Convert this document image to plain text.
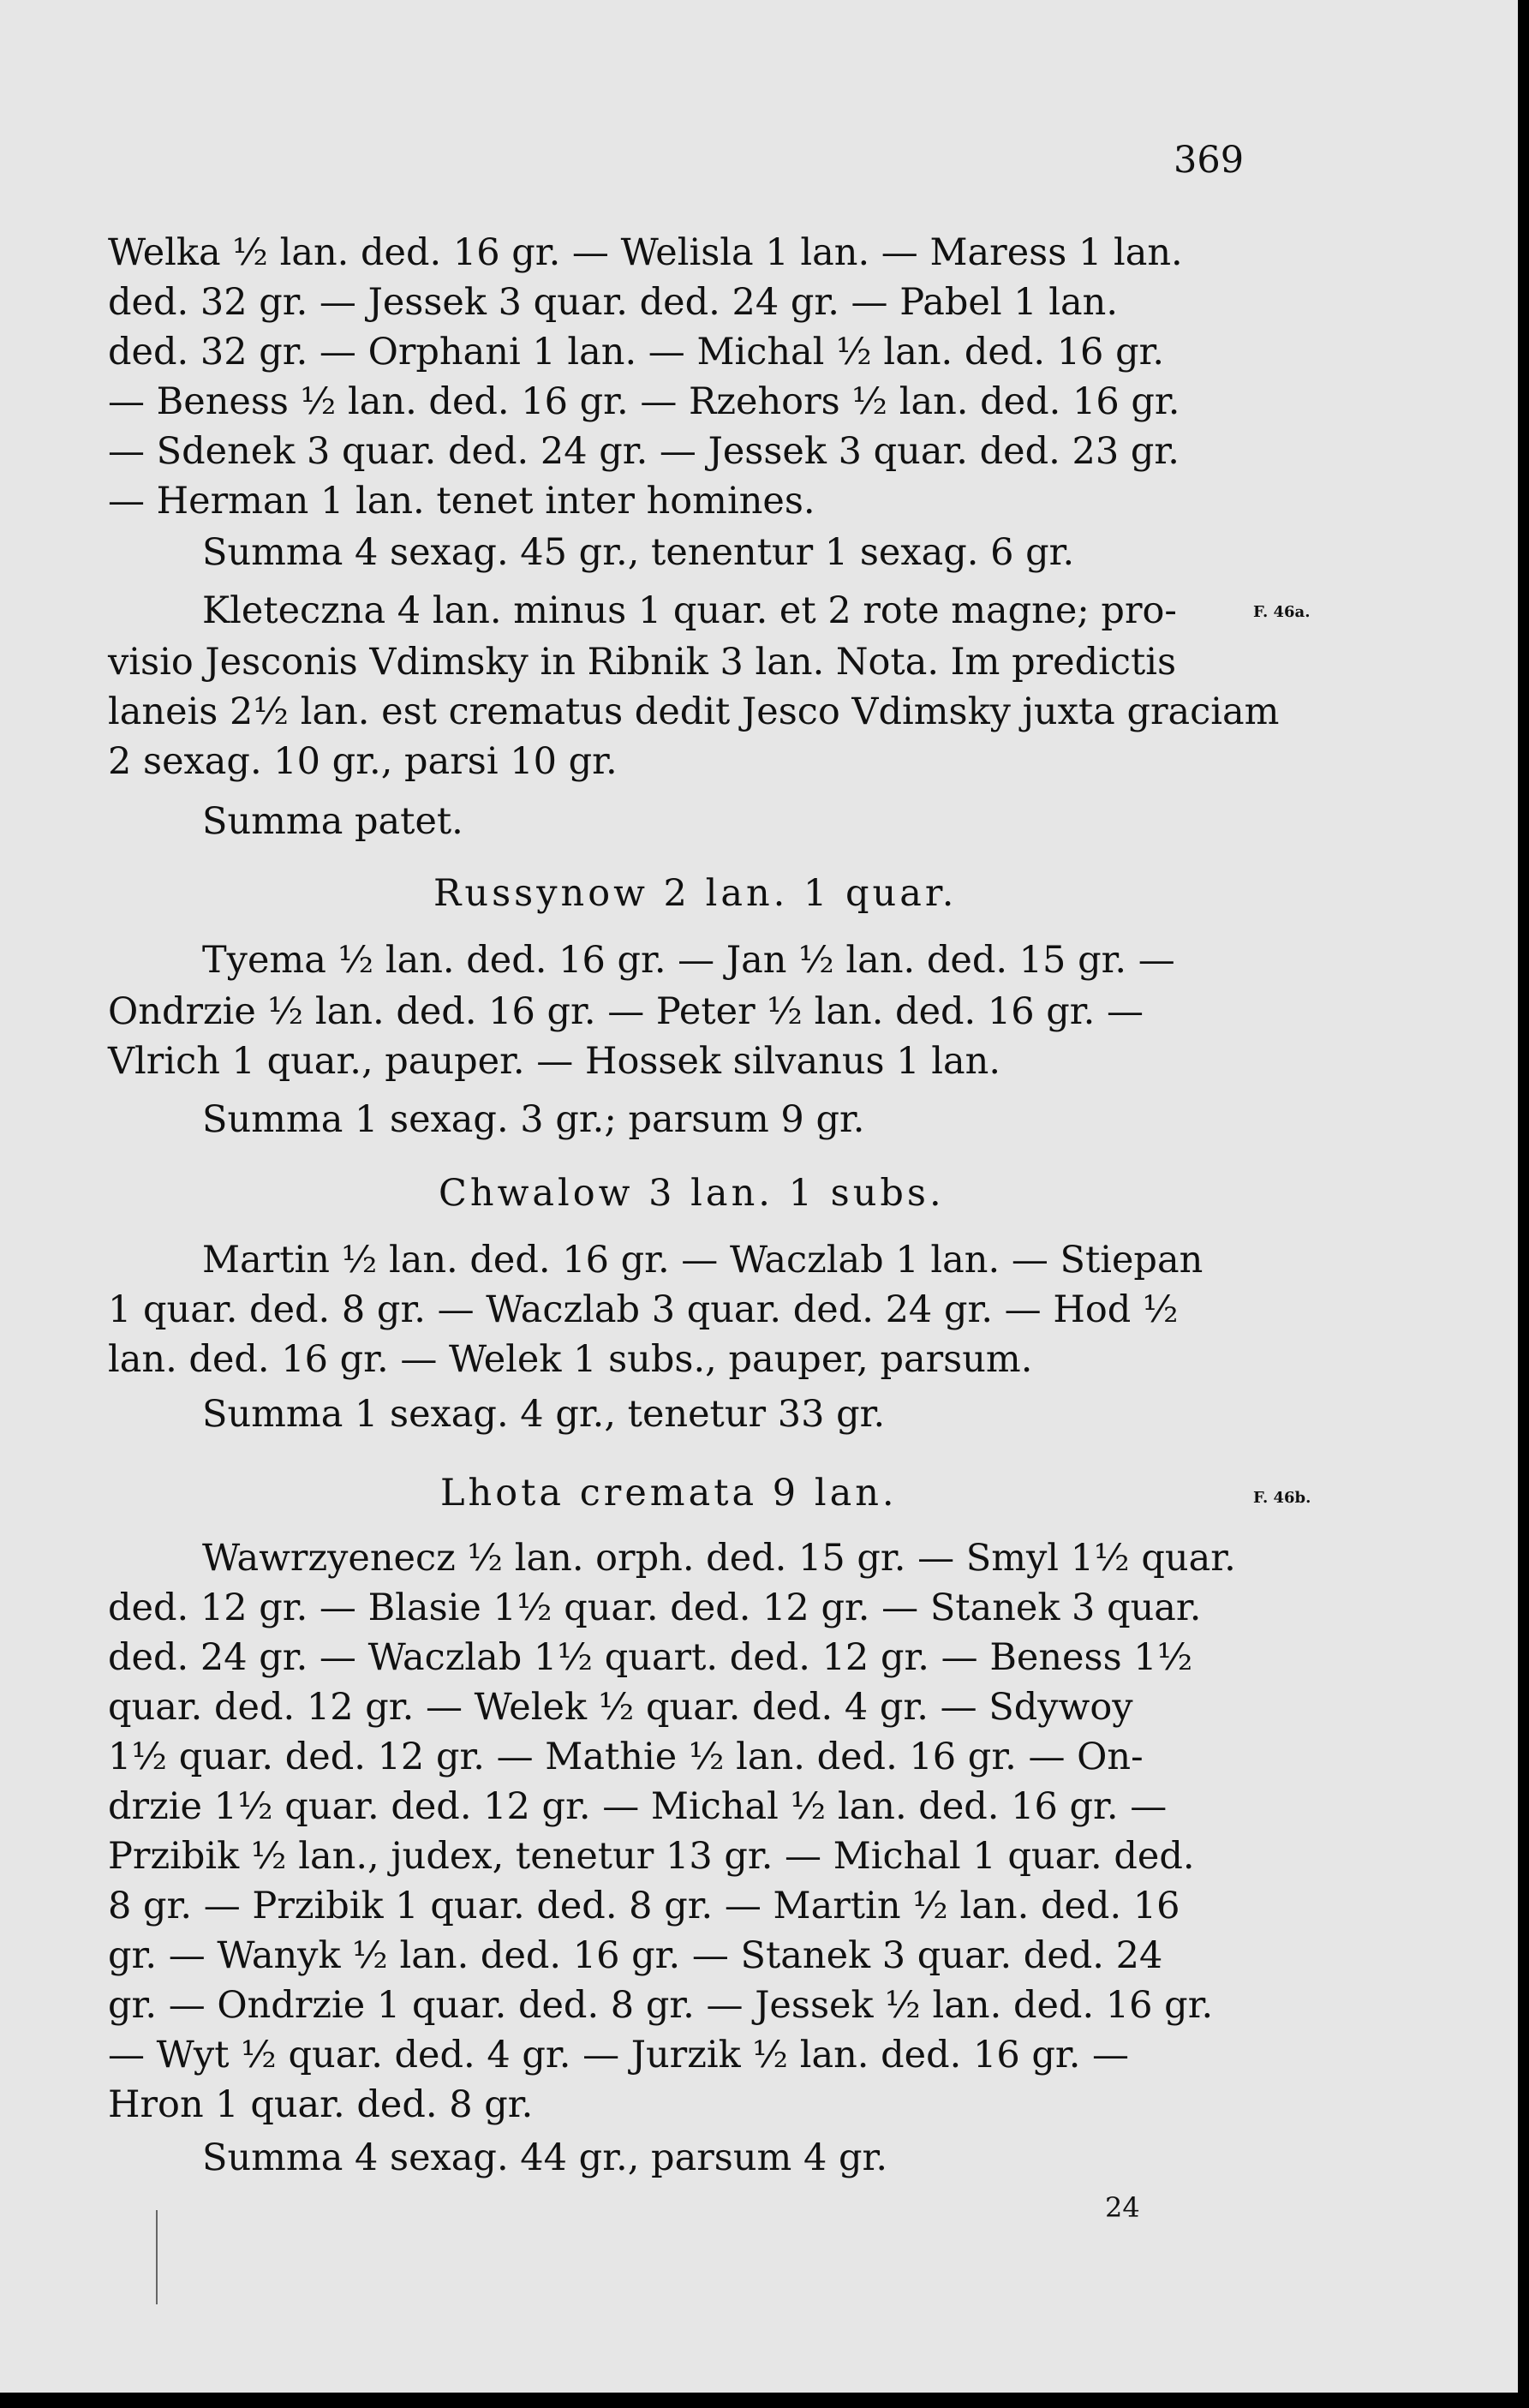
369
Welka ½ lan. ded. 16 gr. — Welisla 1 lan. — Maress 1 lan.
ded. 32 gr. — Jessek 3 quar. ded. 24 gr. — Pabel 1 lan.
ded. 32 gr. — Orphani 1 lan. — Michal ½ lan. ded. 16 gr.
— Beness ½ lan. ded. 16 gr. — Rzehors ½ lan. ded. 16 gr.
— Sdenek 3 quar. ded. 24 gr. — Jessek 3 quar. ded. 23 gr.
— Herman 1 lan. tenet inter homines.
Summa 4 sexag. 45 gr., tenentur 1 sexag. 6 gr.
Kleteczna 4 lan. minus 1 quar. et 2 rote magne; pro-	F. 46a.
visio Jesconis Vdimsky in Ribnik 3 lan. Nota. Im predictis
laneis 2½ lan. est crematus dedit Jesco Vdimsky juxta graciam
2 sexag. 10 gr., parsi 10 gr.
Summa patet.
Russynow 2 lan. 1 quar.
Tyema ½ lan. ded. 16 gr. — Jan ½ lan. ded. 15 gr. —
Ondrzie ½ lan. ded. 16 gr. — Peter ½ lan. ded. 16 gr. —
Vlrich 1 quar., pauper. — Hossek silvanus 1 lan.
Summa 1 sexag. 3 gr.; parsum 9 gr.
Chwalow 3 lan. 1 subs.
Martin ½ lan. ded. 16 gr. — Waczlab 1 lan. — Stiepan
1 quar. ded. 8 gr. — Waczlab 3 quar. ded. 24 gr. — Hod ½
lan. ded. 16 gr. — Welek 1 subs., pauper, parsum.
Summa 1 sexag. 4 gr., tenetur 33 gr.
Lhota cremata 9 lan.	F. 46b.
Wawrzyenecz ½ lan. orph. ded. 15 gr. — Smyl 1½ quar.
ded. 12 gr. — Blasie 1½ quar. ded. 12 gr. — Stanek 3 quar.
ded. 24 gr. — Waczlab 1½ quart. ded. 12 gr. — Beness 1½
quar. ded. 12 gr. — Welek ½ quar. ded. 4 gr. — Sdywoy
1½ quar. ded. 12 gr. — Mathie ½ lan. ded. 16 gr. — On-
drzie 1½ quar. ded. 12 gr. — Michal ½ lan. ded. 16 gr. —
Przibik ½ lan., judex, tenetur 13 gr. — Michal 1 quar. ded.
8 gr. — Przibik 1 quar. ded. 8 gr. — Martin ½ lan. ded. 16
gr. — Wanyk ½ lan. ded. 16 gr. — Stanek 3 quar. ded. 24
gr. — Ondrzie 1 quar. ded. 8 gr. — Jessek ½ lan. ded. 16 gr.
— Wyt ½ quar. ded. 4 gr. — Jurzik ½ lan. ded. 16 gr. —
Hron 1 quar. ded. 8 gr.
Summa 4 sexag. 44 gr., parsum 4 gr.
24
